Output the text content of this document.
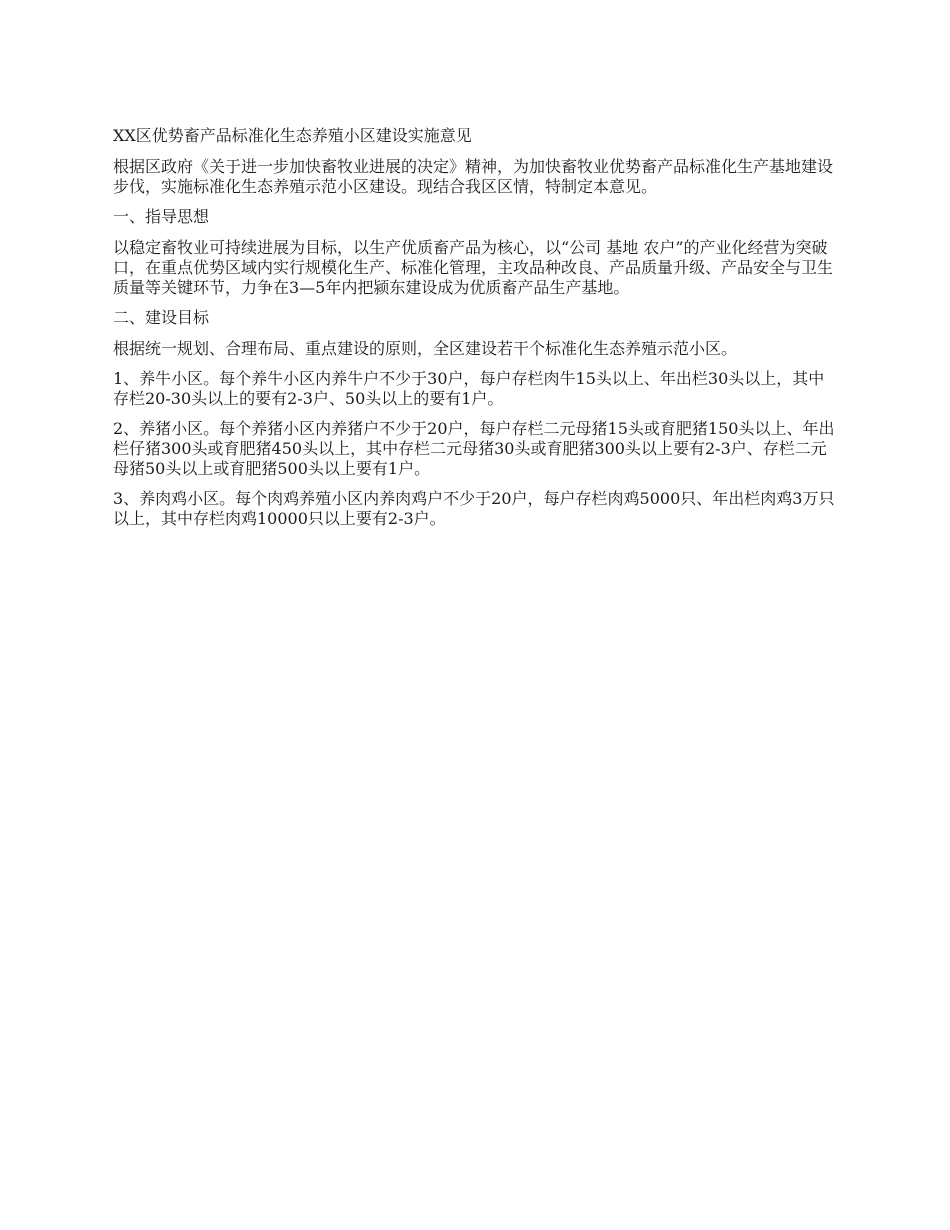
XX区优势畜产品标准化生态养殖小区建设实施意见

根据区政府《关于进一步加快畜牧业进展的决定》精神，为加快畜牧业优势畜产品标准化生产基地建设步伐，实施标准化生态养殖示范小区建设。现结合我区区情，特制定本意见。

一、指导思想

以稳定畜牧业可持续进展为目标，以生产优质畜产品为核心，以“公司 基地 农户”的产业化经营为突破口，在重点优势区域内实行规模化生产、标准化管理，主攻品种改良、产品质量升级、产品安全与卫生质量等关键环节，力争在3—5年内把颍东建设成为优质畜产品生产基地。

二、建设目标

根据统一规划、合理布局、重点建设的原则，全区建设若干个标准化生态养殖示范小区。

1、养牛小区。每个养牛小区内养牛户不少于30户，每户存栏肉牛15头以上、年出栏30头以上，其中存栏20-30头以上的要有2-3户、50头以上的要有1户。

2、养猪小区。每个养猪小区内养猪户不少于20户，每户存栏二元母猪15头或育肥猪150头以上、年出栏仔猪300头或育肥猪450头以上，其中存栏二元母猪30头或育肥猪300头以上要有2-3户、存栏二元母猪50头以上或育肥猪500头以上要有1户。

3、养肉鸡小区。每个肉鸡养殖小区内养肉鸡户不少于20户，每户存栏肉鸡5000只、年出栏肉鸡3万只以上，其中存栏肉鸡10000只以上要有2-3户。
